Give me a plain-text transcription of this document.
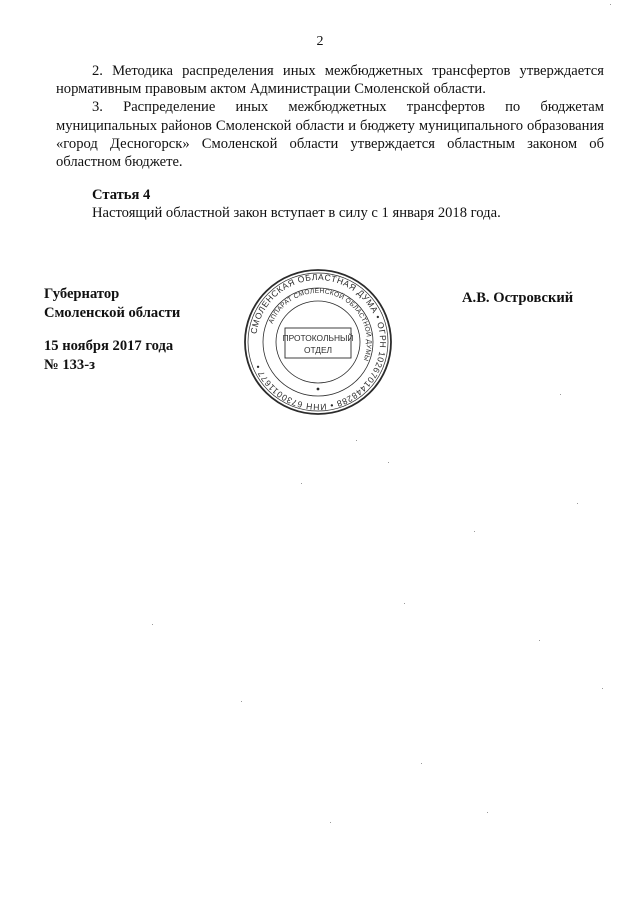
2

2. Методика распределения иных межбюджетных трансфертов утверждается нормативным правовым актом Администрации Смоленской области.

3. Распределение иных межбюджетных трансфертов по бюджетам муниципальных районов Смоленской области и бюджету муниципального образования «город Десногорск» Смоленской области утверждается областным законом об областном бюджете.

Статья 4

Настоящий областной закон вступает в силу с 1 января 2018 года.

Губернатор
Смоленской области
15 ноября 2017 года
№ 133-з
А.В. Островский
СМОЛЕНСКАЯ ОБЛАСТНАЯ ДУМА • ОГРН 1026701448288 • ИНН 6730011677 •
АППАРАТ СМОЛЕНСКОЙ ОБЛАСТНОЙ ДУМЫ
ПРОТОКОЛЬНЫЙ
ОТДЕЛ
